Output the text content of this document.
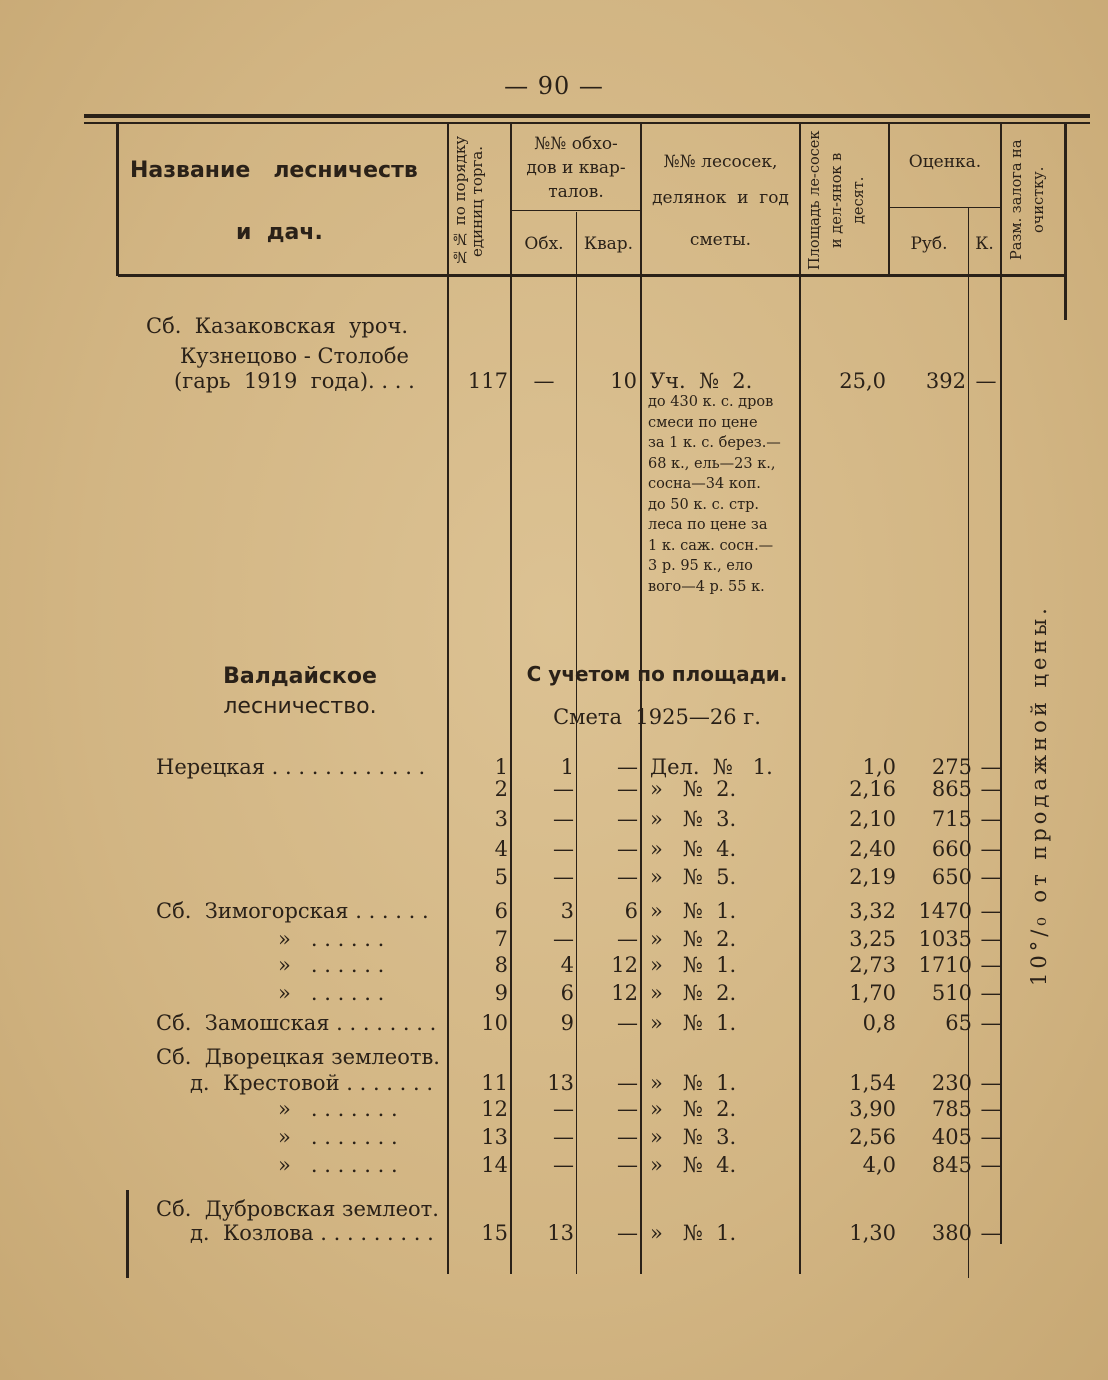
— 90 —
Название   лесничеств
и  дач.	№№ по порядку единиц торга.
№№ обхо-
дов и квар-
талов.
Обх.	Квар.
№№ лесосек,
делянок  и  год
сметы.	Площадь ле-сосек и дел-янок в десят.
Оценка.
Руб.	К.	Разм. залога на очистку.
Сб.  Казаковская  уроч.
Кузнецово - Столобе
(гарь  1919  года). . . .	117	—	10 Уч.  №  2.
до 430 к. с. дров
смеси по цене
за 1 к. с. берез.—
68 к., ель—23 к.,
сосна—34 коп.
до 50 к. с. стр.
леса по цене за
1 к. саж. сосн.—
3 р. 95 к., ело
вого—4 р. 55 к.
25,0	392 —
Валдайское
лесничество.
С учетом по площади.
Смета  1925—26 г.	10°/₀ от продажной цены.
Нерецкая . . . . . . . . . . . .	1	1	— Дел.  №   1.	1,0	275 —
2	—	— »   №  2.	2,16	865 —
3	—	— »   №  3.	2,10	715 —
4	—	— »   №  4.	2,40	660 —
5	—	— »   №  5.	2,19	650 —
Сб.  Зимогорская . . . . . .	6	3	6 »   №  1.	3,32	1470 —
»   . . . . . .	7	—	— »   №  2.	3,25	1035 —
»   . . . . . .	8	4	12 »   №  1.	2,73	1710 —
»   . . . . . .	9	6	12 »   №  2.	1,70	510 —
Сб.  Замошская . . . . . . . .	10	9	— »   №  1.	0,8	65 —
Сб.  Дворецкая землеотв.
д.  Крестовой . . . . . . .	11	13	— »   №  1.	1,54	230 —
»   . . . . . . .	12	—	— »   №  2.	3,90	785 —
»   . . . . . . .	13	—	— »   №  3.	2,56	405 —
»   . . . . . . .	14	—	— »   №  4.	4,0	845 —
Сб.  Дубровская землеот.
д.  Козлова . . . . . . . . .	15	13	— »   №  1.	1,30	380 —
